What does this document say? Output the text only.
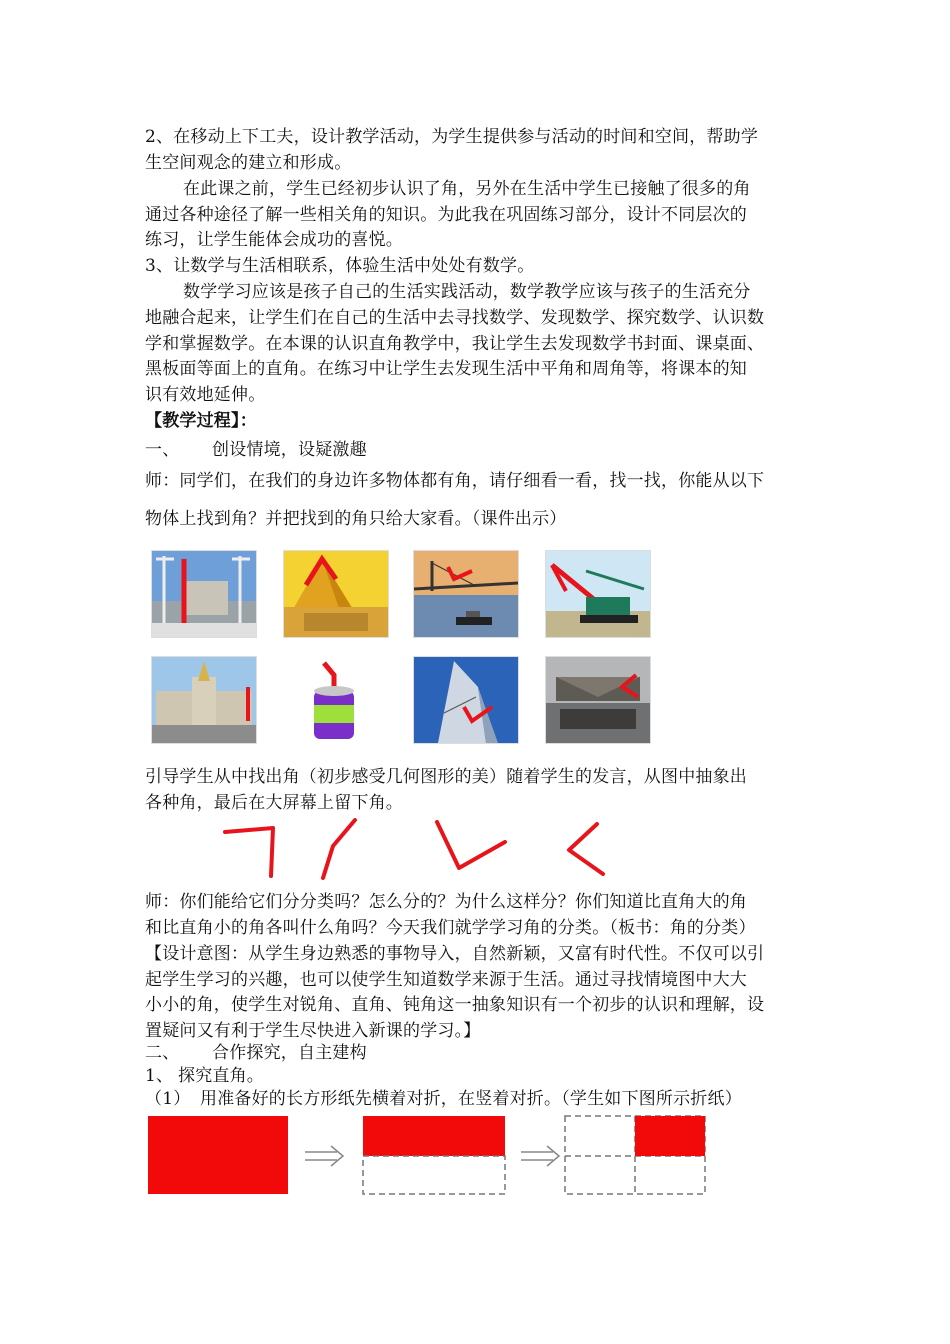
2、在移动上下工夫，设计教学活动，为学生提供参与活动的时间和空间，帮助学
生空间观念的建立和形成。
在此课之前，学生已经初步认识了角，另外在生活中学生已接触了很多的角
通过各种途径了解一些相关角的知识。为此我在巩固练习部分，设计不同层次的
练习，让学生能体会成功的喜悦。
3、让数学与生活相联系，体验生活中处处有数学。
数学学习应该是孩子自己的生活实践活动，数学教学应该与孩子的生活充分
地融合起来，让学生们在自己的生活中去寻找数学、发现数学、探究数学、认识数
学和掌握数学。在本课的认识直角教学中，我让学生去发现数学书封面、课桌面、
黑板面等面上的直角。在练习中让学生去发现生活中平角和周角等，将课本的知
识有效地延伸。
【教学过程】：
一、 创设情境，设疑激趣
师：同学们，在我们的身边许多物体都有角，请仔细看一看，找一找，你能从以下
物体上找到角？并把找到的角只给大家看。（课件出示）
引导学生从中找出角（初步感受几何图形的美）随着学生的发言，从图中抽象出
各种角，最后在大屏幕上留下角。
师：你们能给它们分分类吗？怎么分的？为什么这样分？你们知道比直角大的角
和比直角小的角各叫什么角吗？今天我们就学学习角的分类。（板书：角的分类）
【设计意图：从学生身边熟悉的事物导入，自然新颖，又富有时代性。不仅可以引
起学生学习的兴趣，也可以使学生知道数学来源于生活。通过寻找情境图中大大
小小的角，使学生对锐角、直角、钝角这一抽象知识有一个初步的认识和理解，设
置疑问又有利于学生尽快进入新课的学习。】
二、 合作探究，自主建构
1、 探究直角。
（1） 用准备好的长方形纸先横着对折，在竖着对折。（学生如下图所示折纸）
